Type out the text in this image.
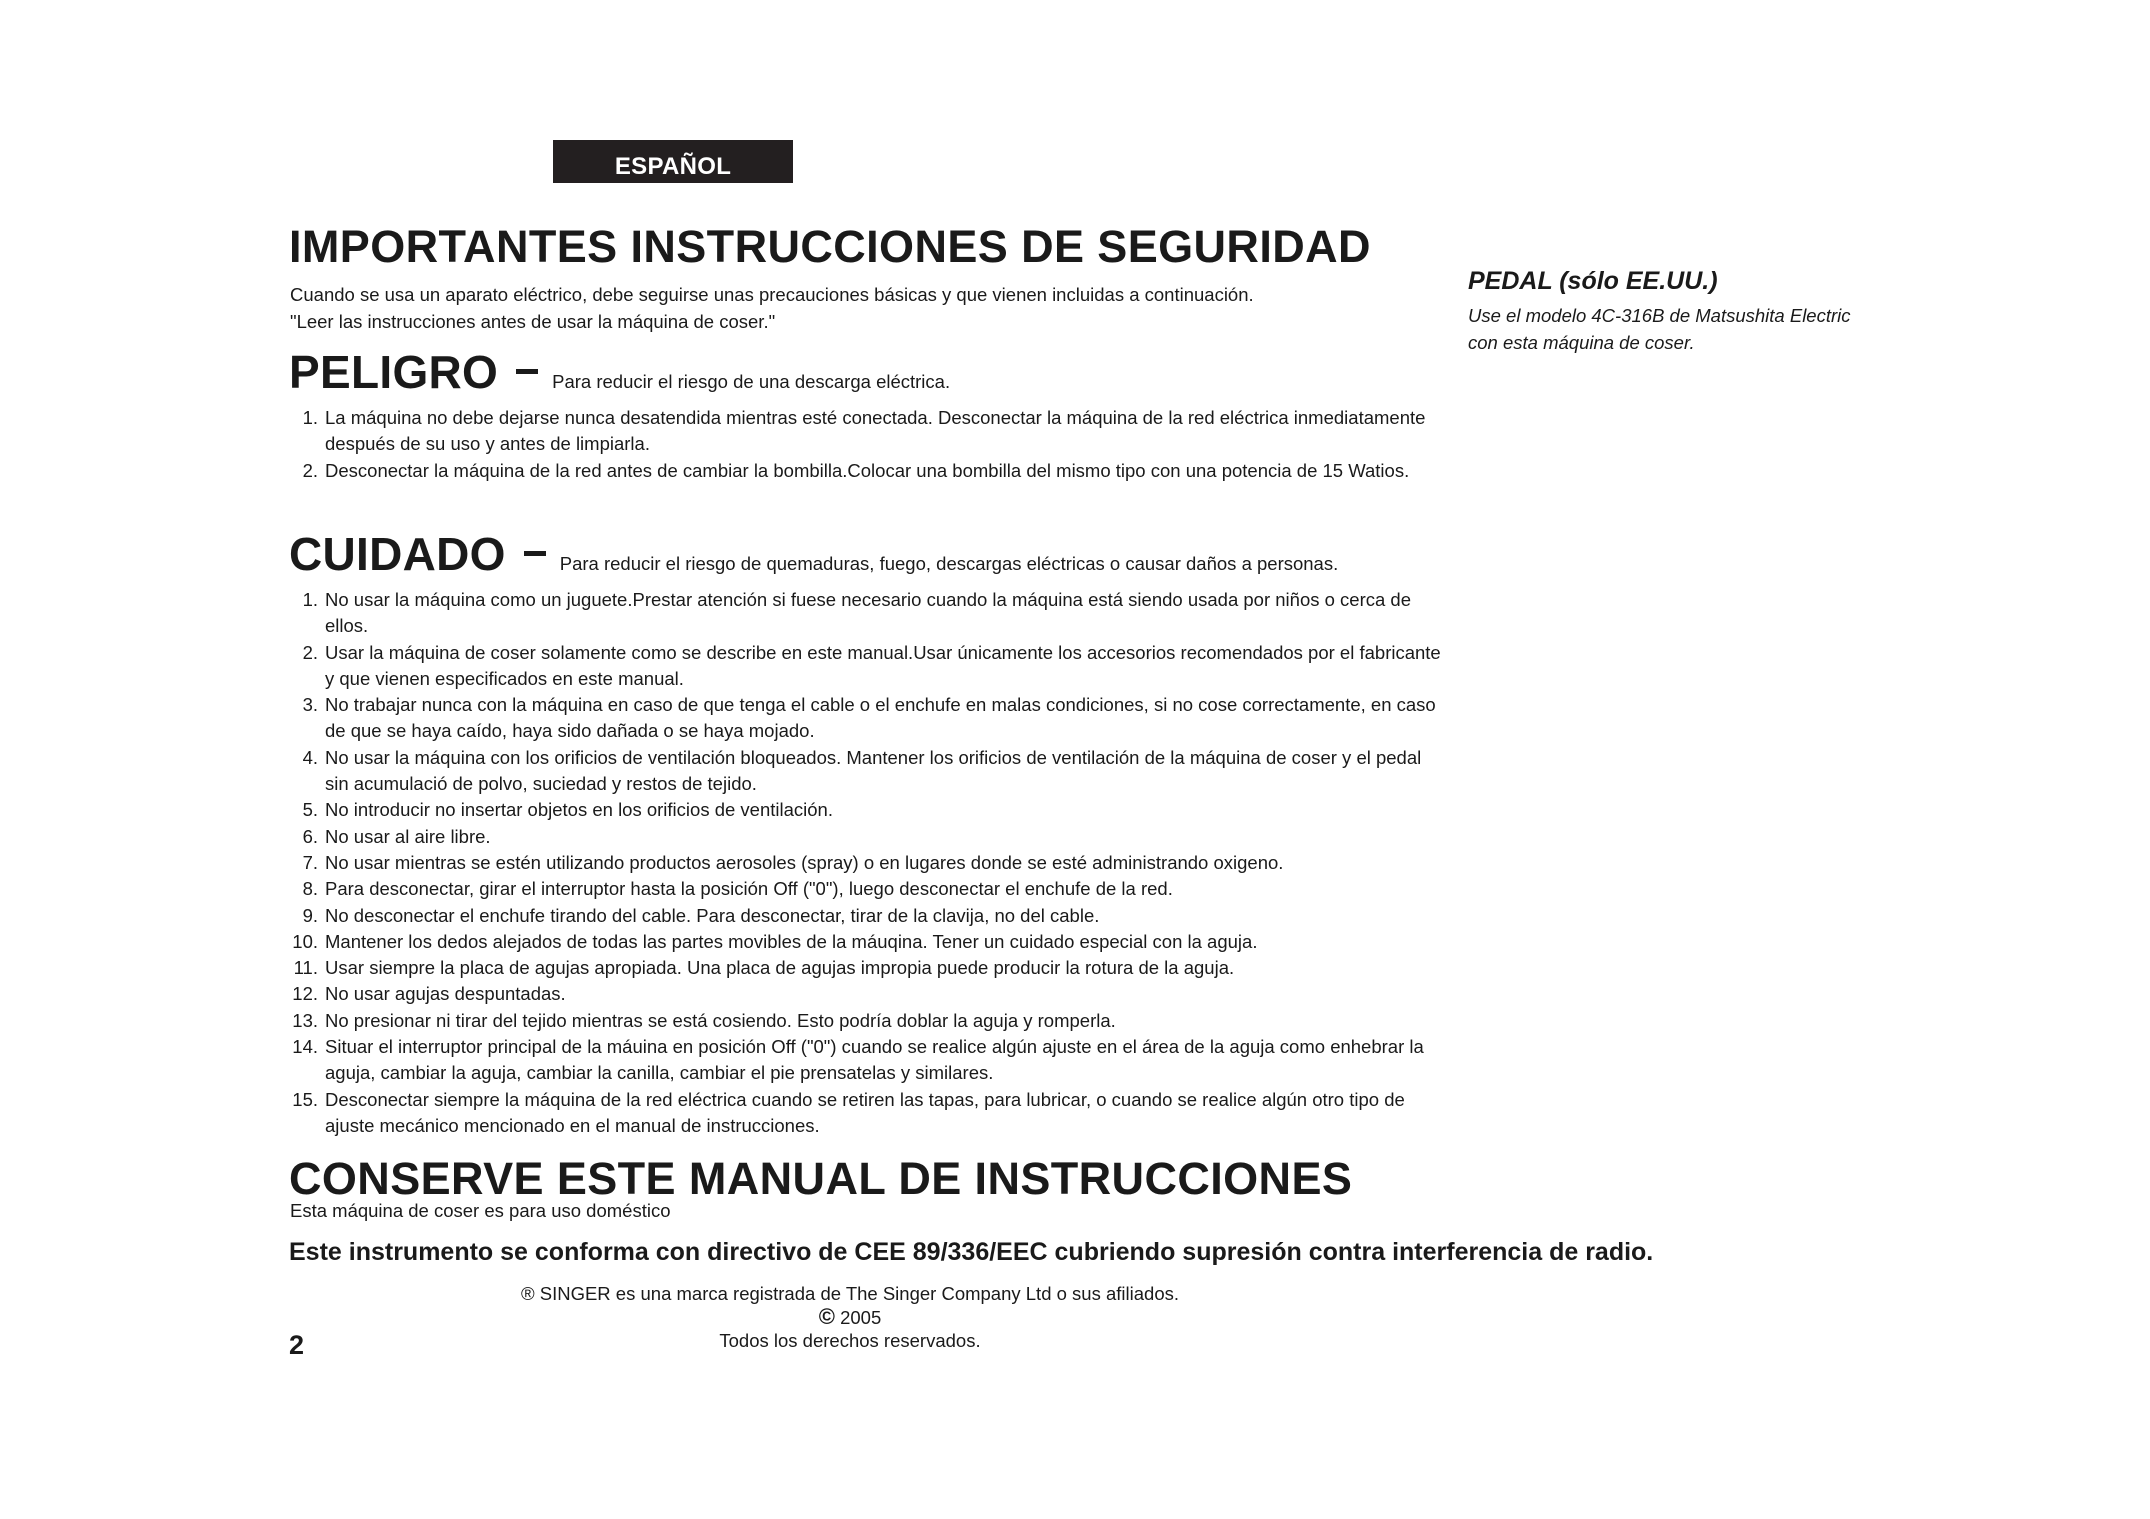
ESPAÑOL
IMPORTANTES INSTRUCCIONES DE SEGURIDAD

Cuando se usa un aparato eléctrico, debe seguirse unas precauciones básicas y que vienen incluidas a continuación.

"Leer las instrucciones antes de usar la máquina de coser."

PELIGRO	Para reducir el riesgo de una descarga eléctrica.
1. La máquina no debe dejarse nunca desatendida mientras esté conectada. Desconectar la máquina de la red eléctrica inmediatamente después de su uso y antes de limpiarla.
2. Desconectar la máquina de la red antes de cambiar la bombilla.Colocar una bombilla del mismo tipo con una potencia de 15 Watios.
CUIDADO	Para reducir el riesgo de quemaduras, fuego, descargas eléctricas o causar daños a personas.
1. No usar la máquina como un juguete.Prestar atención si fuese necesario cuando la máquina está siendo usada por niños o cerca de ellos.
2. Usar la máquina de coser solamente como se describe en este manual.Usar únicamente los accesorios recomendados por el fabricante y que vienen especificados en este manual.
3. No trabajar nunca con la máquina en caso de que tenga el cable o el enchufe en malas condiciones, si no cose correctamente, en caso de que se haya caído, haya sido dañada o se haya mojado.
4. No usar la máquina con los orificios de ventilación bloqueados. Mantener los orificios de ventilación de la máquina de coser y el pedal sin acumulació de polvo, suciedad y restos de tejido.
5. No introducir no insertar objetos en los orificios de ventilación.
6. No usar al aire libre.
7. No usar mientras se estén utilizando productos aerosoles (spray) o en lugares donde se esté administrando oxigeno.
8. Para desconectar, girar el interruptor hasta la posición Off ("0"), luego desconectar el enchufe de la red.
9. No desconectar el enchufe tirando del cable. Para desconectar, tirar de la clavija, no del cable.
10. Mantener los dedos alejados de todas las partes movibles de la máuqina. Tener un cuidado especial con la aguja.
11. Usar siempre la placa de agujas apropiada. Una placa de agujas impropia puede producir la rotura de la aguja.
12. No usar agujas despuntadas.
13. No presionar ni tirar del tejido mientras se está cosiendo. Esto podría doblar la aguja y romperla.
14. Situar el interruptor principal de la máuina en posición Off ("0") cuando se realice algún ajuste en el área de la aguja como enhebrar la aguja, cambiar la aguja, cambiar la canilla, cambiar el pie prensatelas y similares.
15. Desconectar siempre la máquina de la red eléctrica cuando se retiren las tapas, para lubricar, o cuando se realice algún otro tipo de ajuste mecánico mencionado en el manual de instrucciones.
CONSERVE ESTE MANUAL DE INSTRUCCIONES
Esta máquina de coser es para uso doméstico
Este instrumento se conforma con directivo de CEE 89/336/EEC cubriendo supresión contra interferencia de radio.
® SINGER es una marca registrada de The Singer Company Ltd o sus afiliados.
© 2005
Todos los derechos reservados.
2

PEDAL (sólo EE.UU.)

Use el modelo 4C-316B de Matsushita Electric
con esta máquina de coser.
